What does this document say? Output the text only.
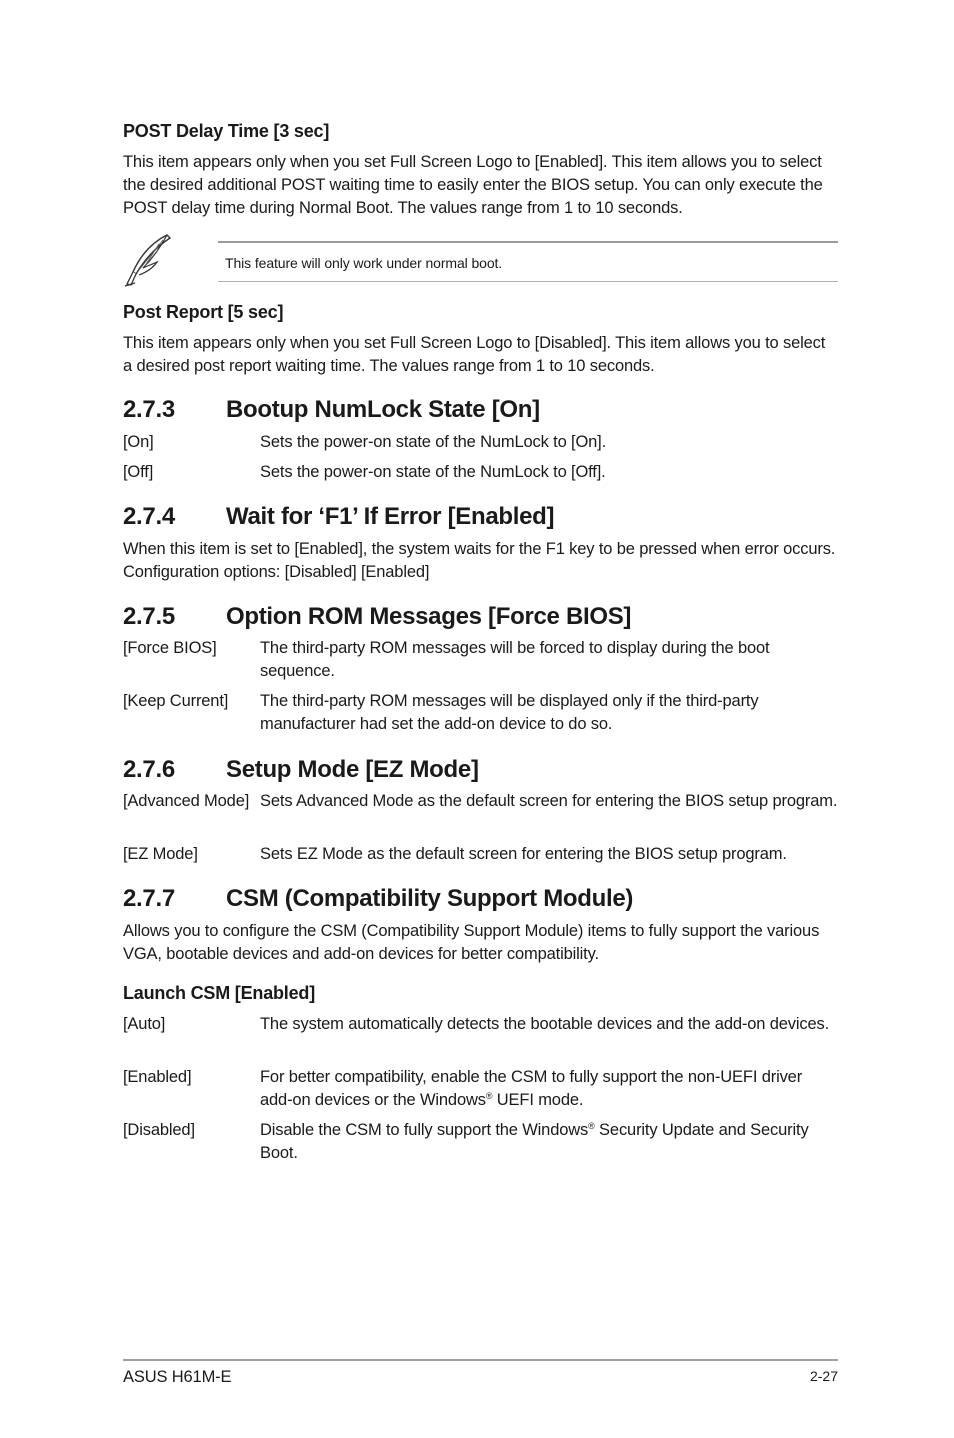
POST Delay Time [3 sec]
This item appears only when you set Full Screen Logo to [Enabled]. This item allows you to select the desired additional POST waiting time to easily enter the BIOS setup. You can only execute the POST delay time during Normal Boot. The values range from 1 to 10 seconds.
This feature will only work under normal boot.
Post Report [5 sec]
This item appears only when you set Full Screen Logo to [Disabled]. This item allows you to select a desired post report waiting time. The values range from 1 to 10 seconds.
2.7.3 Bootup NumLock State [On]
[On]	Sets the power-on state of the NumLock to [On].
[Off]	Sets the power-on state of the NumLock to [Off].
2.7.4 Wait for ‘F1’ If Error [Enabled]
When this item is set to [Enabled], the system waits for the F1 key to be pressed when error occurs. Configuration options: [Disabled] [Enabled]
2.7.5 Option ROM Messages [Force BIOS]
[Force BIOS]	The third-party ROM messages will be forced to display during the boot sequence.
[Keep Current] The third-party ROM messages will be displayed only if the third-party manufacturer had set the add-on device to do so.
2.7.6 Setup Mode [EZ Mode]
[Advanced Mode] Sets Advanced Mode as the default screen for entering the BIOS setup program.
[EZ Mode]	Sets EZ Mode as the default screen for entering the BIOS setup program.
2.7.7 CSM (Compatibility Support Module)
Allows you to configure the CSM (Compatibility Support Module) items to fully support the various VGA, bootable devices and add-on devices for better compatibility.
Launch CSM [Enabled]
[Auto]	The system automatically detects the bootable devices and the add-on devices.
[Enabled]	For better compatibility, enable the CSM to fully support the non-UEFI driver add-on devices or the Windows® UEFI mode.
[Disabled]	Disable the CSM to fully support the Windows® Security Update and Security Boot.
ASUS H61M-E	2-27
